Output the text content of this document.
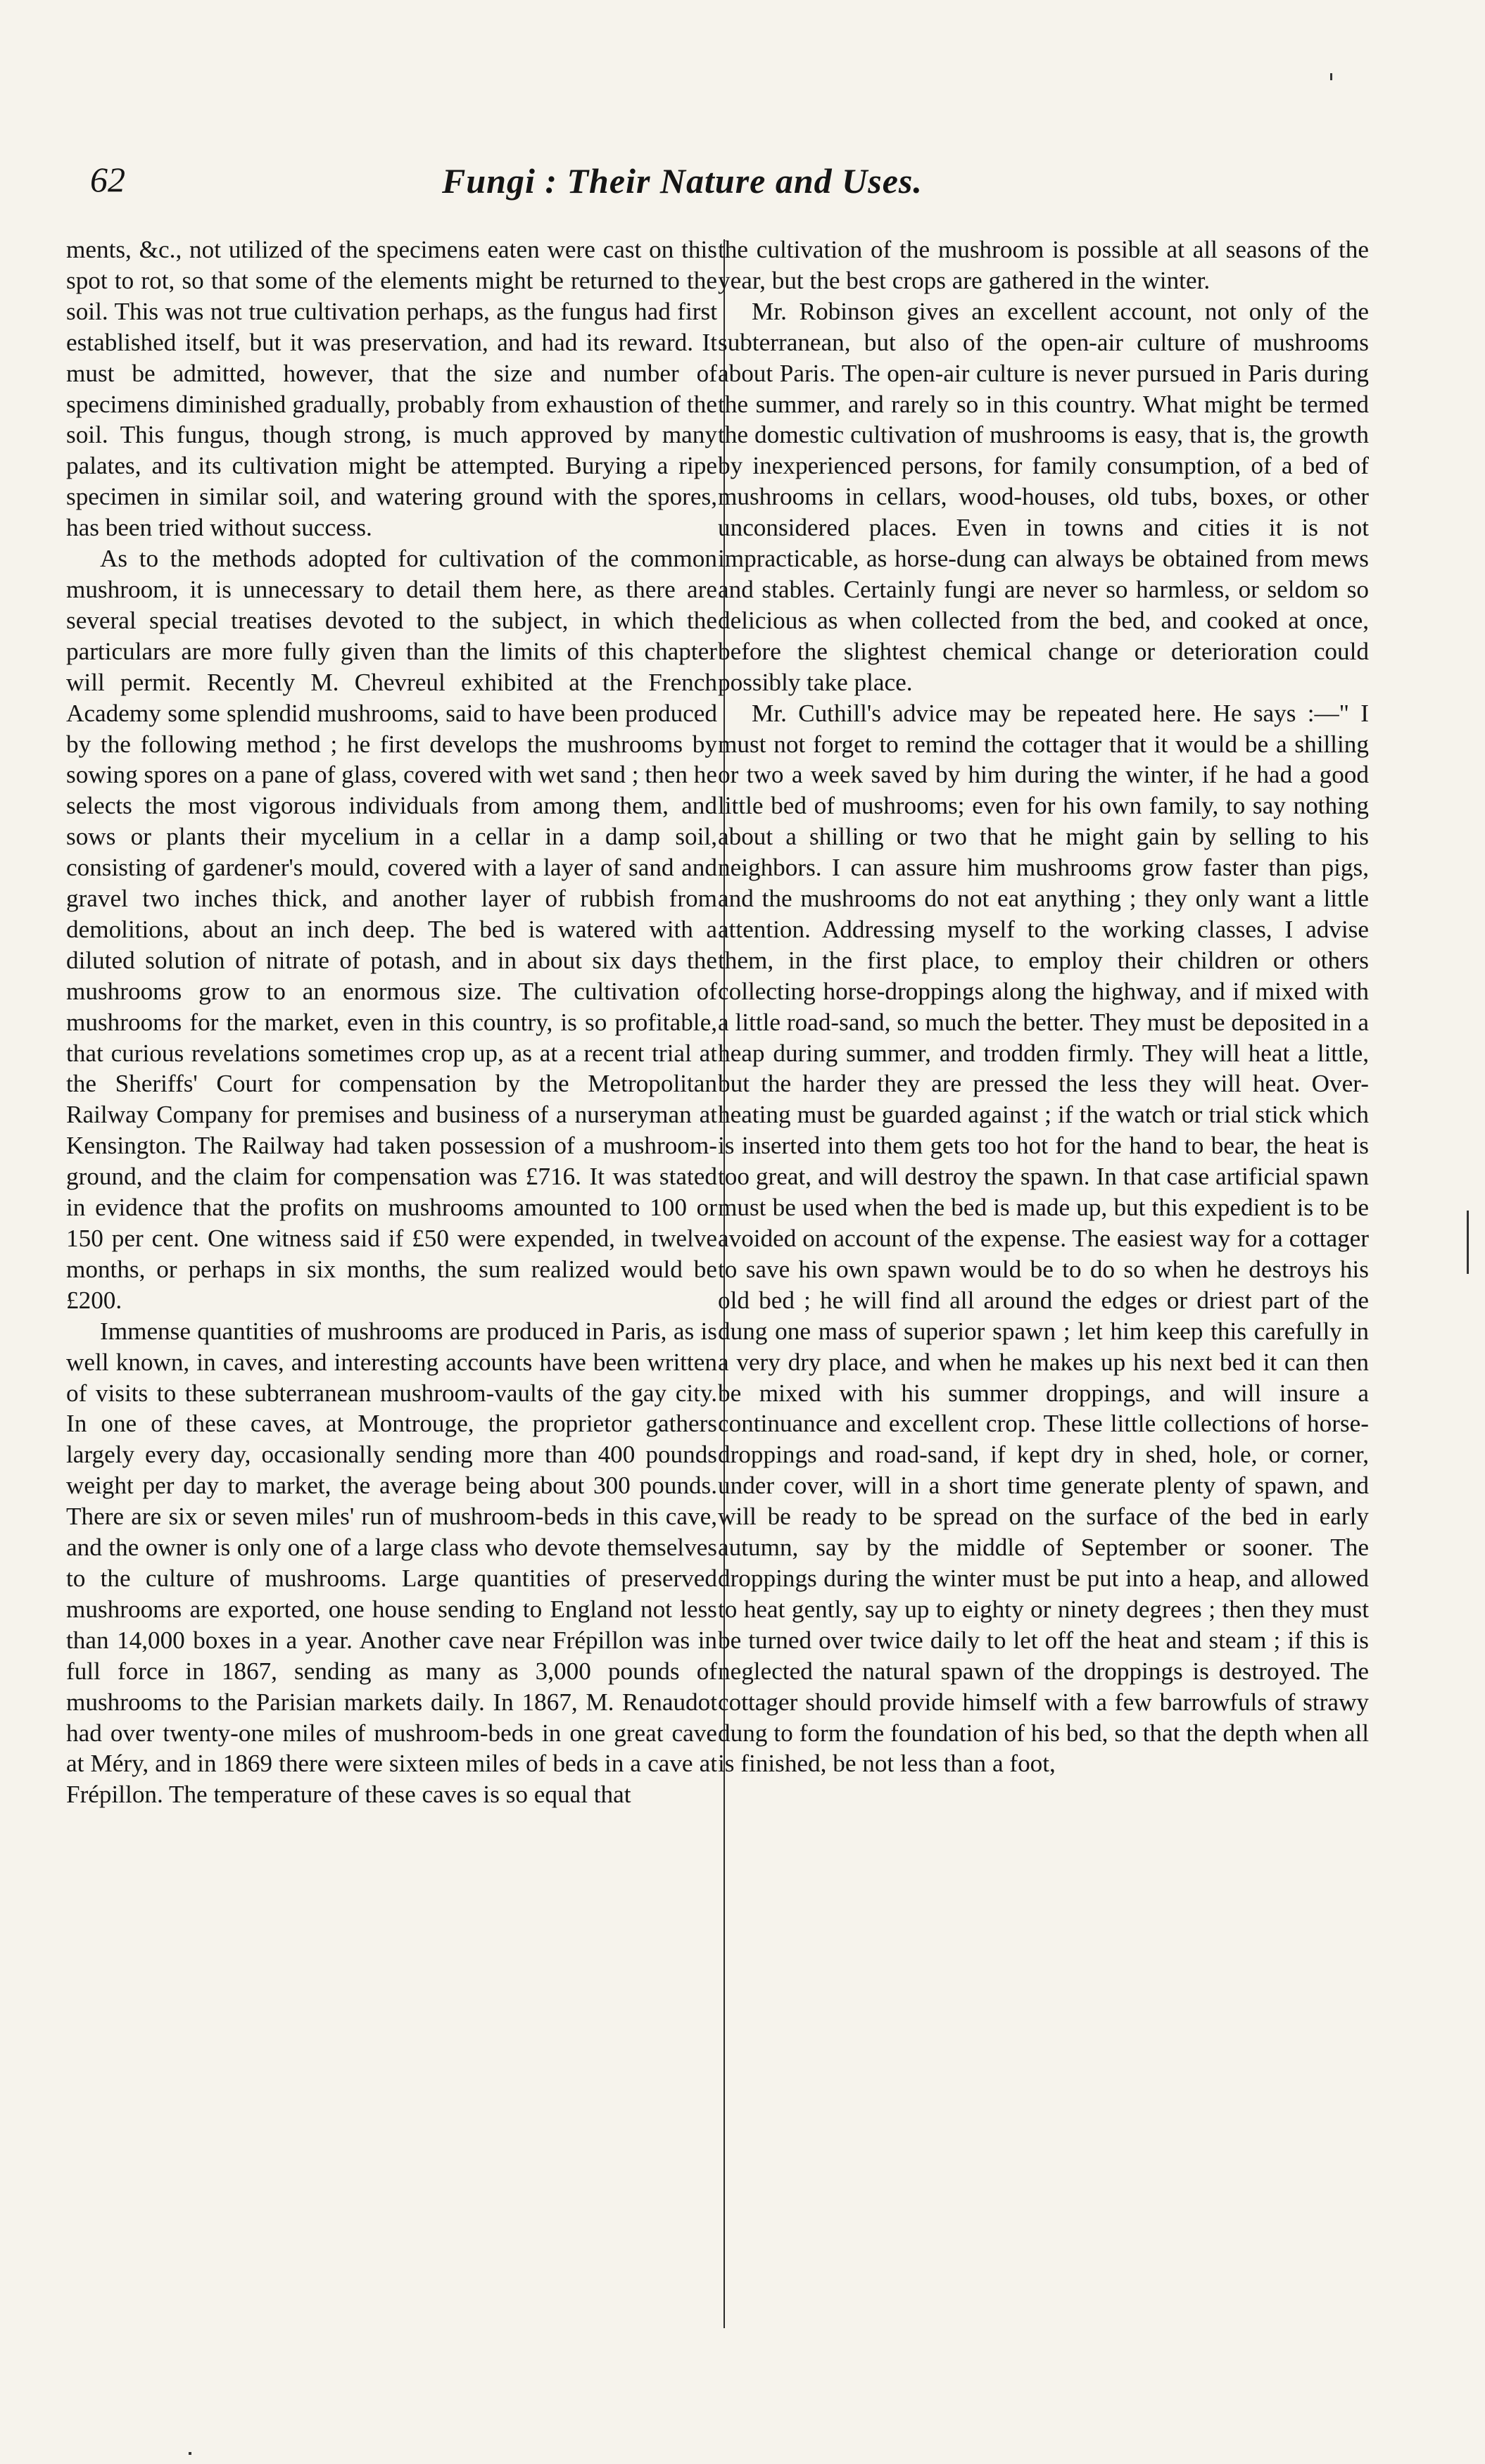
62	Fungi : Their Nature and Uses.

ments, &c., not utilized of the specimens eaten were cast on this spot to rot, so that some of the elements might be returned to the soil. This was not true cultivation perhaps, as the fungus had first established itself, but it was preservation, and had its reward. It must be admitted, however, that the size and number of specimens diminished gradually, probably from exhaustion of the soil. This fungus, though strong, is much approved by many palates, and its cultivation might be attempted. Burying a ripe specimen in similar soil, and watering ground with the spores, has been tried without success.

As to the methods adopted for cultivation of the common mushroom, it is unnecessary to detail them here, as there are several special treatises devoted to the subject, in which the particulars are more fully given than the limits of this chapter will permit. Recently M. Chevreul exhibited at the French Academy some splendid mushrooms, said to have been produced by the following method ; he first develops the mushrooms by sowing spores on a pane of glass, covered with wet sand ; then he selects the most vigorous individuals from among them, and sows or plants their mycelium in a cellar in a damp soil, consisting of gardener's mould, covered with a layer of sand and gravel two inches thick, and another layer of rubbish from demolitions, about an inch deep. The bed is watered with a diluted solution of nitrate of potash, and in about six days the mushrooms grow to an enormous size. The cultivation of mushrooms for the market, even in this country, is so profitable, that curious revelations sometimes crop up, as at a recent trial at the Sheriffs' Court for compensation by the Metropolitan Railway Company for premises and business of a nurseryman at Kensington. The Railway had taken possession of a mushroom-ground, and the claim for compensation was £716. It was stated in evidence that the profits on mushrooms amounted to 100 or 150 per cent. One witness said if £50 were expended, in twelve months, or perhaps in six months, the sum realized would be £200.

Immense quantities of mushrooms are produced in Paris, as is well known, in caves, and interesting accounts have been written of visits to these subterranean mushroom-vaults of the gay city. In one of these caves, at Montrouge, the proprietor gathers largely every day, occasionally sending more than 400 pounds weight per day to market, the average being about 300 pounds. There are six or seven miles' run of mushroom-beds in this cave, and the owner is only one of a large class who devote themselves to the culture of mushrooms. Large quantities of preserved mushrooms are exported, one house sending to England not less than 14,000 boxes in a year. Another cave near Frépillon was in full force in 1867, sending as many as 3,000 pounds of mushrooms to the Parisian markets daily. In 1867, M. Renaudot had over twenty-one miles of mushroom-beds in one great cave at Méry, and in 1869 there were sixteen miles of beds in a cave at Frépillon. The temperature of these caves is so equal that

the cultivation of the mushroom is possible at all seasons of the year, but the best crops are gathered in the winter.

Mr. Robinson gives an excellent account, not only of the subterranean, but also of the open-air culture of mushrooms about Paris. The open-air culture is never pursued in Paris during the summer, and rarely so in this country. What might be termed the domestic cultivation of mushrooms is easy, that is, the growth by inexperienced persons, for family consumption, of a bed of mushrooms in cellars, wood-houses, old tubs, boxes, or other unconsidered places. Even in towns and cities it is not impracticable, as horse-dung can always be obtained from mews and stables. Certainly fungi are never so harmless, or seldom so delicious as when collected from the bed, and cooked at once, before the slightest chemical change or deterioration could possibly take place.

Mr. Cuthill's advice may be repeated here. He says :—" I must not forget to remind the cottager that it would be a shilling or two a week saved by him during the winter, if he had a good little bed of mushrooms; even for his own family, to say nothing about a shilling or two that he might gain by selling to his neighbors. I can assure him mushrooms grow faster than pigs, and the mushrooms do not eat anything ; they only want a little attention. Addressing myself to the working classes, I advise them, in the first place, to employ their children or others collecting horse-droppings along the highway, and if mixed with a little road-sand, so much the better. They must be deposited in a heap during summer, and trodden firmly. They will heat a little, but the harder they are pressed the less they will heat. Over-heating must be guarded against ; if the watch or trial stick which is inserted into them gets too hot for the hand to bear, the heat is too great, and will destroy the spawn. In that case artificial spawn must be used when the bed is made up, but this expedient is to be avoided on account of the expense. The easiest way for a cottager to save his own spawn would be to do so when he destroys his old bed ; he will find all around the edges or driest part of the dung one mass of superior spawn ; let him keep this carefully in a very dry place, and when he makes up his next bed it can then be mixed with his summer droppings, and will insure a continuance and excellent crop. These little collections of horse-droppings and road-sand, if kept dry in shed, hole, or corner, under cover, will in a short time generate plenty of spawn, and will be ready to be spread on the surface of the bed in early autumn, say by the middle of September or sooner. The droppings during the winter must be put into a heap, and allowed to heat gently, say up to eighty or ninety degrees ; then they must be turned over twice daily to let off the heat and steam ; if this is neglected the natural spawn of the droppings is destroyed. The cottager should provide himself with a few barrowfuls of strawy dung to form the foundation of his bed, so that the depth when all is finished, be not less than a foot,
